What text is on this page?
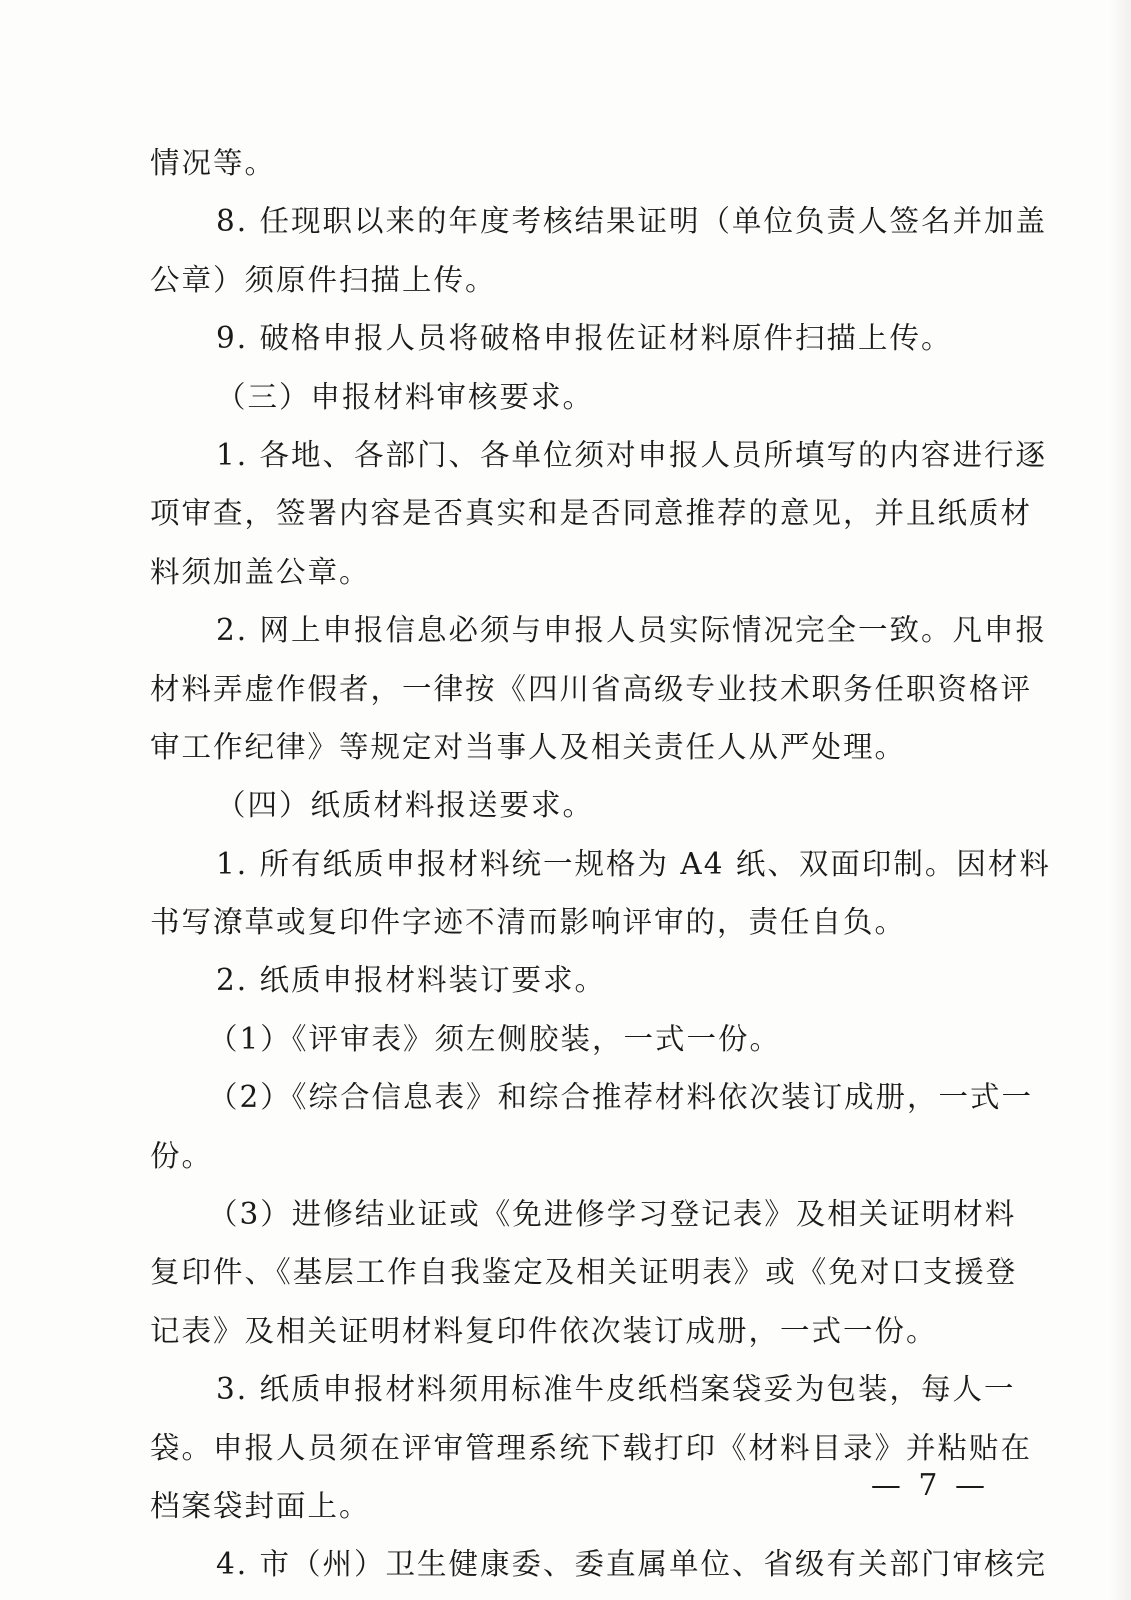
情况等。
8. 任现职以来的年度考核结果证明（单位负责人签名并加盖
公章）须原件扫描上传。
9. 破格申报人员将破格申报佐证材料原件扫描上传。
（三）申报材料审核要求。
1. 各地、各部门、各单位须对申报人员所填写的内容进行逐
项审查，签署内容是否真实和是否同意推荐的意见，并且纸质材
料须加盖公章。
2. 网上申报信息必须与申报人员实际情况完全一致。凡申报
材料弄虚作假者，一律按《四川省高级专业技术职务任职资格评
审工作纪律》等规定对当事人及相关责任人从严处理。
（四）纸质材料报送要求。
1. 所有纸质申报材料统一规格为 A4 纸、双面印制。因材料
书写潦草或复印件字迹不清而影响评审的，责任自负。
2. 纸质申报材料装订要求。
（1）《评审表》须左侧胶装，一式一份。
（2）《综合信息表》和综合推荐材料依次装订成册，一式一
份。
（3）进修结业证或《免进修学习登记表》及相关证明材料
复印件、《基层工作自我鉴定及相关证明表》或《免对口支援登
记表》及相关证明材料复印件依次装订成册，一式一份。
3. 纸质申报材料须用标准牛皮纸档案袋妥为包装，每人一
袋。申报人员须在评审管理系统下载打印《材料目录》并粘贴在
档案袋封面上。
4. 市（州）卫生健康委、委直属单位、省级有关部门审核完
— 7 —
